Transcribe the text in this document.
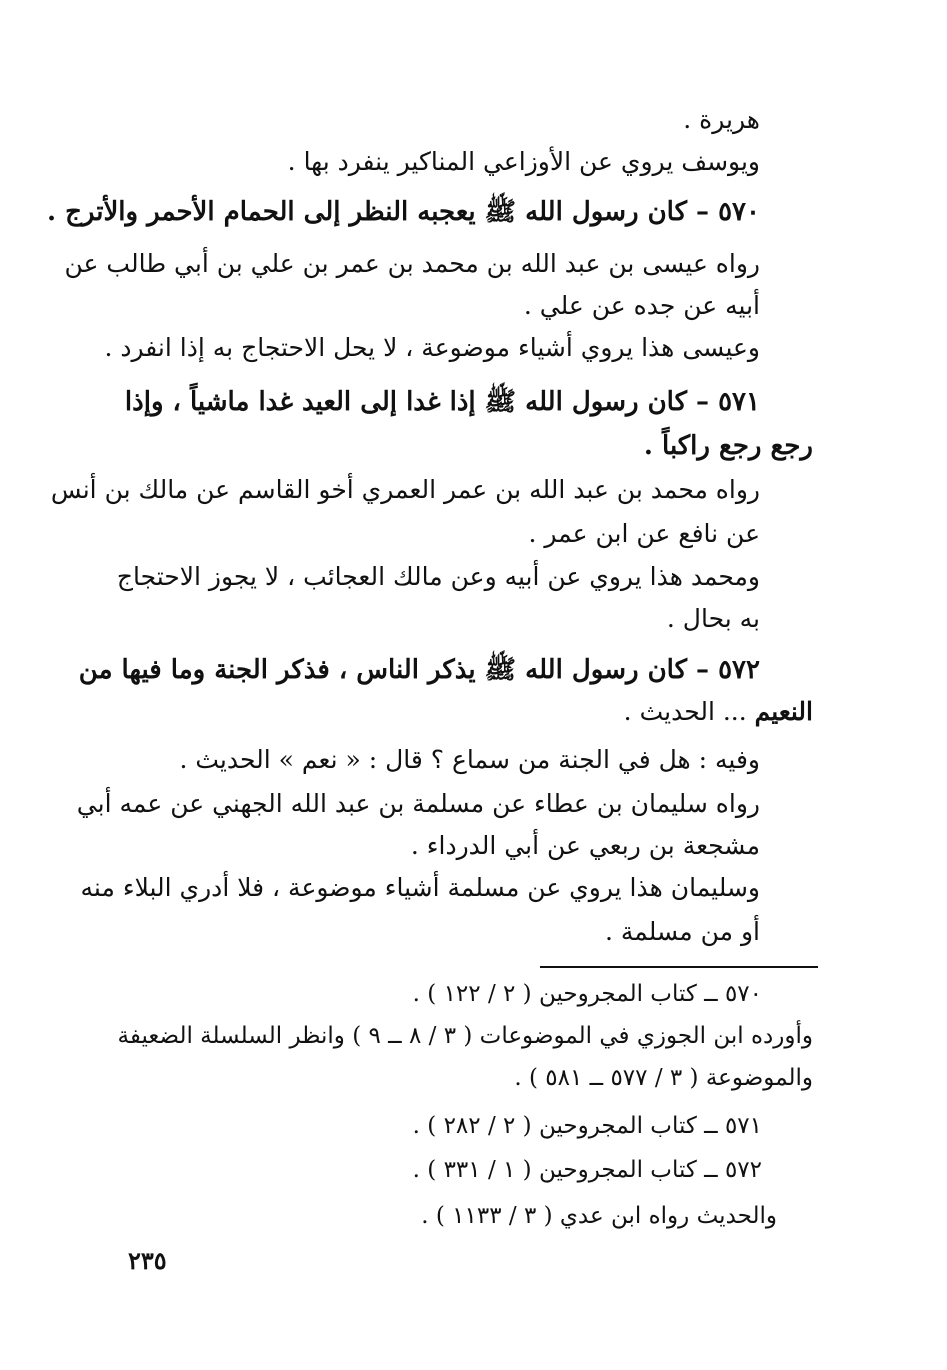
هريرة .
ويوسف يروي عن الأوزاعي المناكير ينفرد بها .
٥٧٠ – كان رسول الله ﷺ يعجبه النظر إلى الحمام الأحمر والأترج .
رواه عيسى بن عبد الله بن محمد بن عمر بن علي بن أبي طالب عن
أبيه عن جده عن علي .
وعيسى هذا يروي أشياء موضوعة ، لا يحل الاحتجاج به إذا انفرد .
٥٧١ – كان رسول الله ﷺ إذا غدا إلى العيد غدا ماشياً ، وإذا
رجع رجع راكباً .
رواه محمد بن عبد الله بن عمر العمري أخو القاسم عن مالك بن أنس
عن نافع عن ابن عمر .
ومحمد هذا يروي عن أبيه وعن مالك العجائب ، لا يجوز الاحتجاج
به بحال .
٥٧٢ – كان رسول الله ﷺ يذكر الناس ، فذكر الجنة وما فيها من
النعيم ... الحديث .
وفيه : هل في الجنة من سماع ؟ قال : « نعم » الحديث .
رواه سليمان بن عطاء عن مسلمة بن عبد الله الجهني عن عمه أبي
مشجعة بن ربعي عن أبي الدرداء .
وسليمان هذا يروي عن مسلمة أشياء موضوعة ، فلا أدري البلاء منه
أو من مسلمة .
٥٧٠ ــ كتاب المجروحين ( ٢ / ١٢٢ ) .
وأورده ابن الجوزي في الموضوعات ( ٣ / ٨ ــ ٩ ) وانظر السلسلة الضعيفة
والموضوعة ( ٣ / ٥٧٧ ــ ٥٨١ ) .
٥٧١ ــ كتاب المجروحين ( ٢ / ٢٨٢ ) .
٥٧٢ ــ كتاب المجروحين ( ١ / ٣٣١ ) .
والحديث رواه ابن عدي ( ٣ / ١١٣٣ ) .
٢٣٥
